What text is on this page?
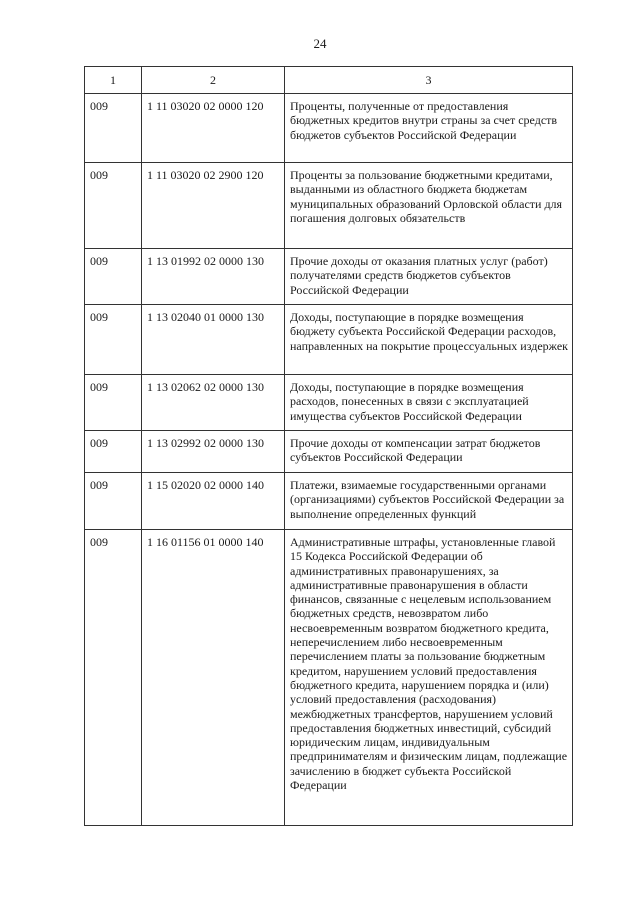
24
1	2	3
009	1 11 03020 02 0000 120	Проценты, полученные от предоставления бюджетных кредитов внутри страны за счет средств бюджетов субъектов Российской Федерации

009	1 11 03020 02 2900 120	Проценты за пользование бюджетными кредитами, выданными из областного бюджета бюджетам муниципальных образований Орловской области для погашения долговых обязательств

009	1 13 01992 02 0000 130	Прочие доходы от оказания платных услуг (работ) получателями средств бюджетов субъектов Российской Федерации

009	1 13 02040 01 0000 130	Доходы, поступающие в порядке возмещения бюджету субъекта Российской Федерации расходов, направленных на покрытие процессуальных издержек

009	1 13 02062 02 0000 130	Доходы, поступающие в порядке возмещения расходов, понесенных в связи с эксплуатацией имущества субъектов Российской Федерации

009	1 13 02992 02 0000 130	Прочие доходы от компенсации затрат бюджетов субъектов Российской Федерации

009	1 15 02020 02 0000 140	Платежи, взимаемые государственными органами (организациями) субъектов Российской Федерации за выполнение определенных функций

009	1 16 01156 01 0000 140	Административные штрафы, установленные главой 15 Кодекса Российской Федерации об административных правонарушениях, за административные правонарушения в области финансов, связанные с нецелевым использованием бюджетных средств, невозвратом либо несвоевременным возвратом бюджетного кредита, неперечислением либо несвоевременным перечислением платы за пользование бюджетным кредитом, нарушением условий предоставления бюджетного кредита, нарушением порядка и (или) условий предоставления (расходования) межбюджетных трансфертов, нарушением условий предоставления бюджетных инвестиций, субсидий юридическим лицам, индивидуальным предпринимателям и физическим лицам, подлежащие зачислению в бюджет субъекта Российской Федерации
